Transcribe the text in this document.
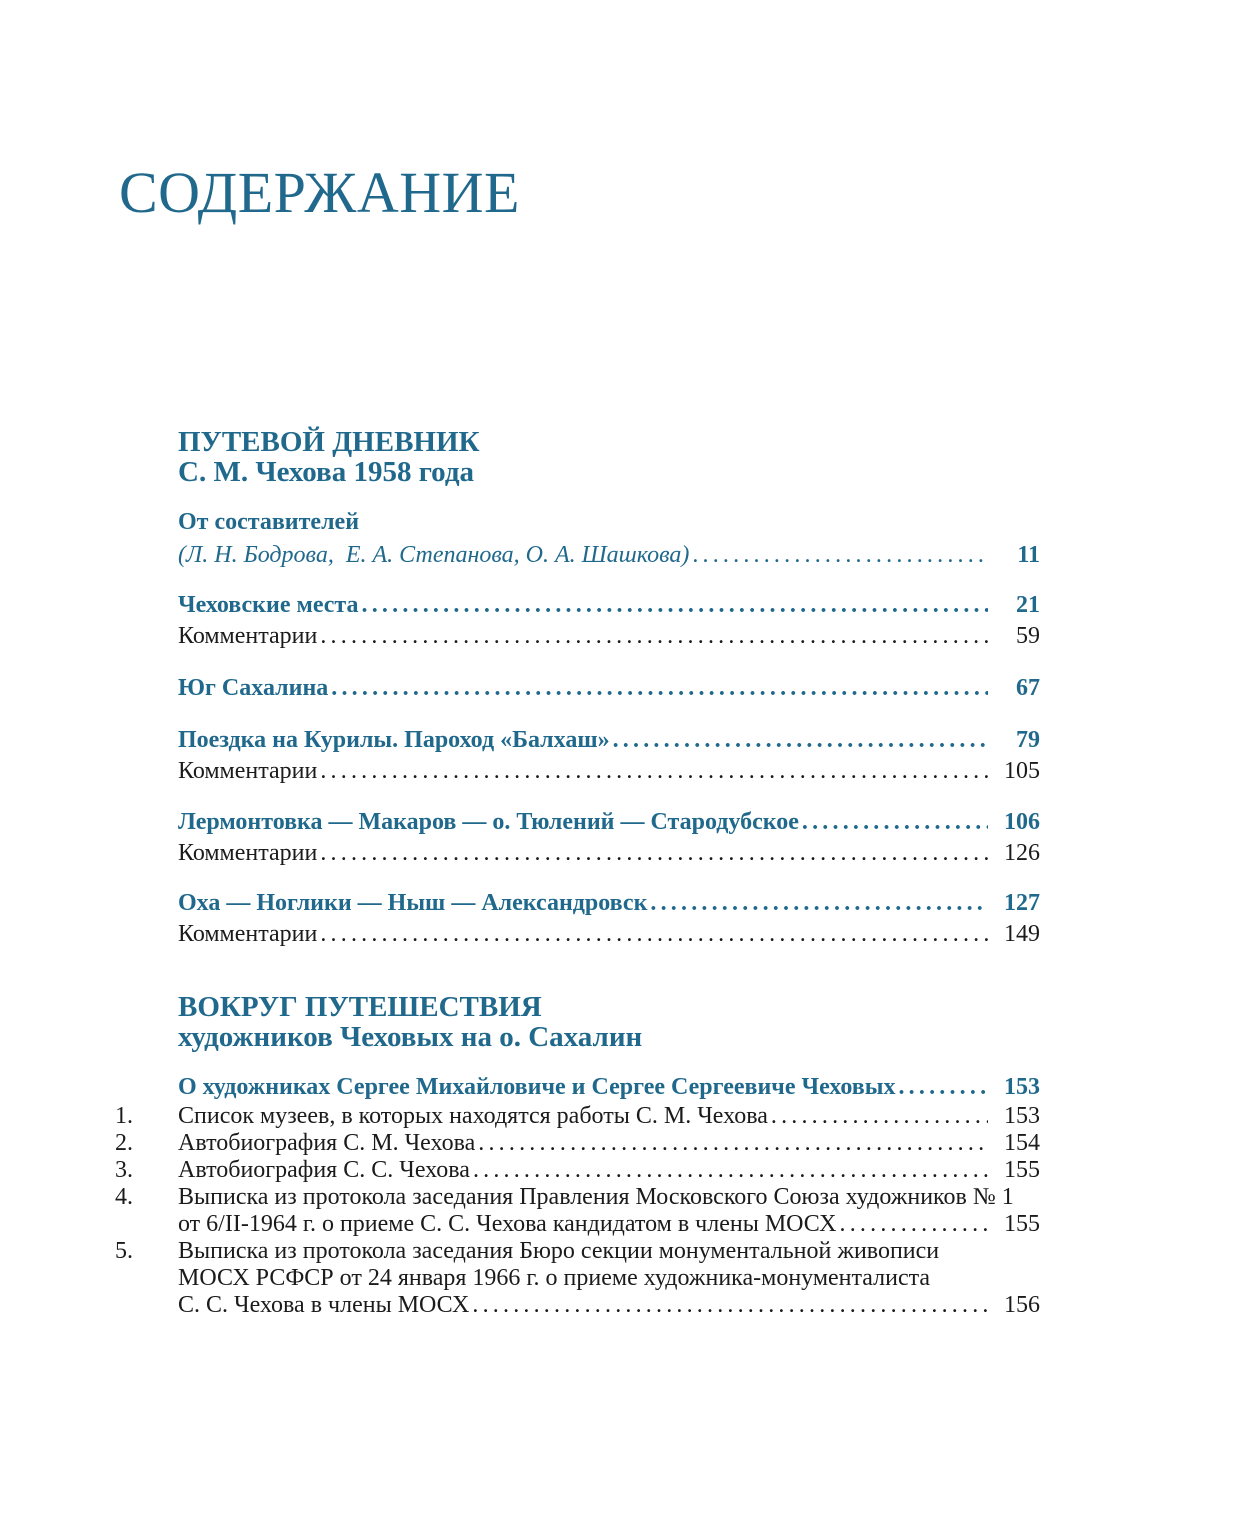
СОДЕРЖАНИЕ
ПУТЕВОЙ ДНЕВНИК
С. М. Чехова 1958 года
От составителей
(Л. Н. Бодрова,  Е. А. Степанова, О. А. Шашкова) .....	11
Чеховские места .....	21
Комментарии .....	59
Юг Сахалина .....	67
Поездка на Курилы. Пароход «Балхаш» .....	79
Комментарии .....	105
Лермонтовка — Макаров — о. Тюлений — Стародубское .....	106
Комментарии .....	126
Оха — Ноглики — Ныш — Александровск .....	127
Комментарии .....	149
ВОКРУГ ПУТЕШЕСТВИЯ
художников Чеховых на о. Сахалин
О художниках Сергее Михайловиче и Сергее Сергеевиче Чеховых .....	153
1. Список музеев, в которых находятся работы С. М. Чехова .....	153
2. Автобиография С. М. Чехова .....	154
3. Автобиография С. С. Чехова .....	155
4. Выписка из протокола заседания Правления Московского Союза художников № 1
от 6/II-1964 г. о приеме С. С. Чехова кандидатом в члены МОСХ .....	155
5. Выписка из протокола заседания Бюро секции монументальной живописи
МОСХ РСФСР от 24 января 1966 г. о приеме художника-монументалиста
С. С. Чехова в члены МОСХ .....	156
